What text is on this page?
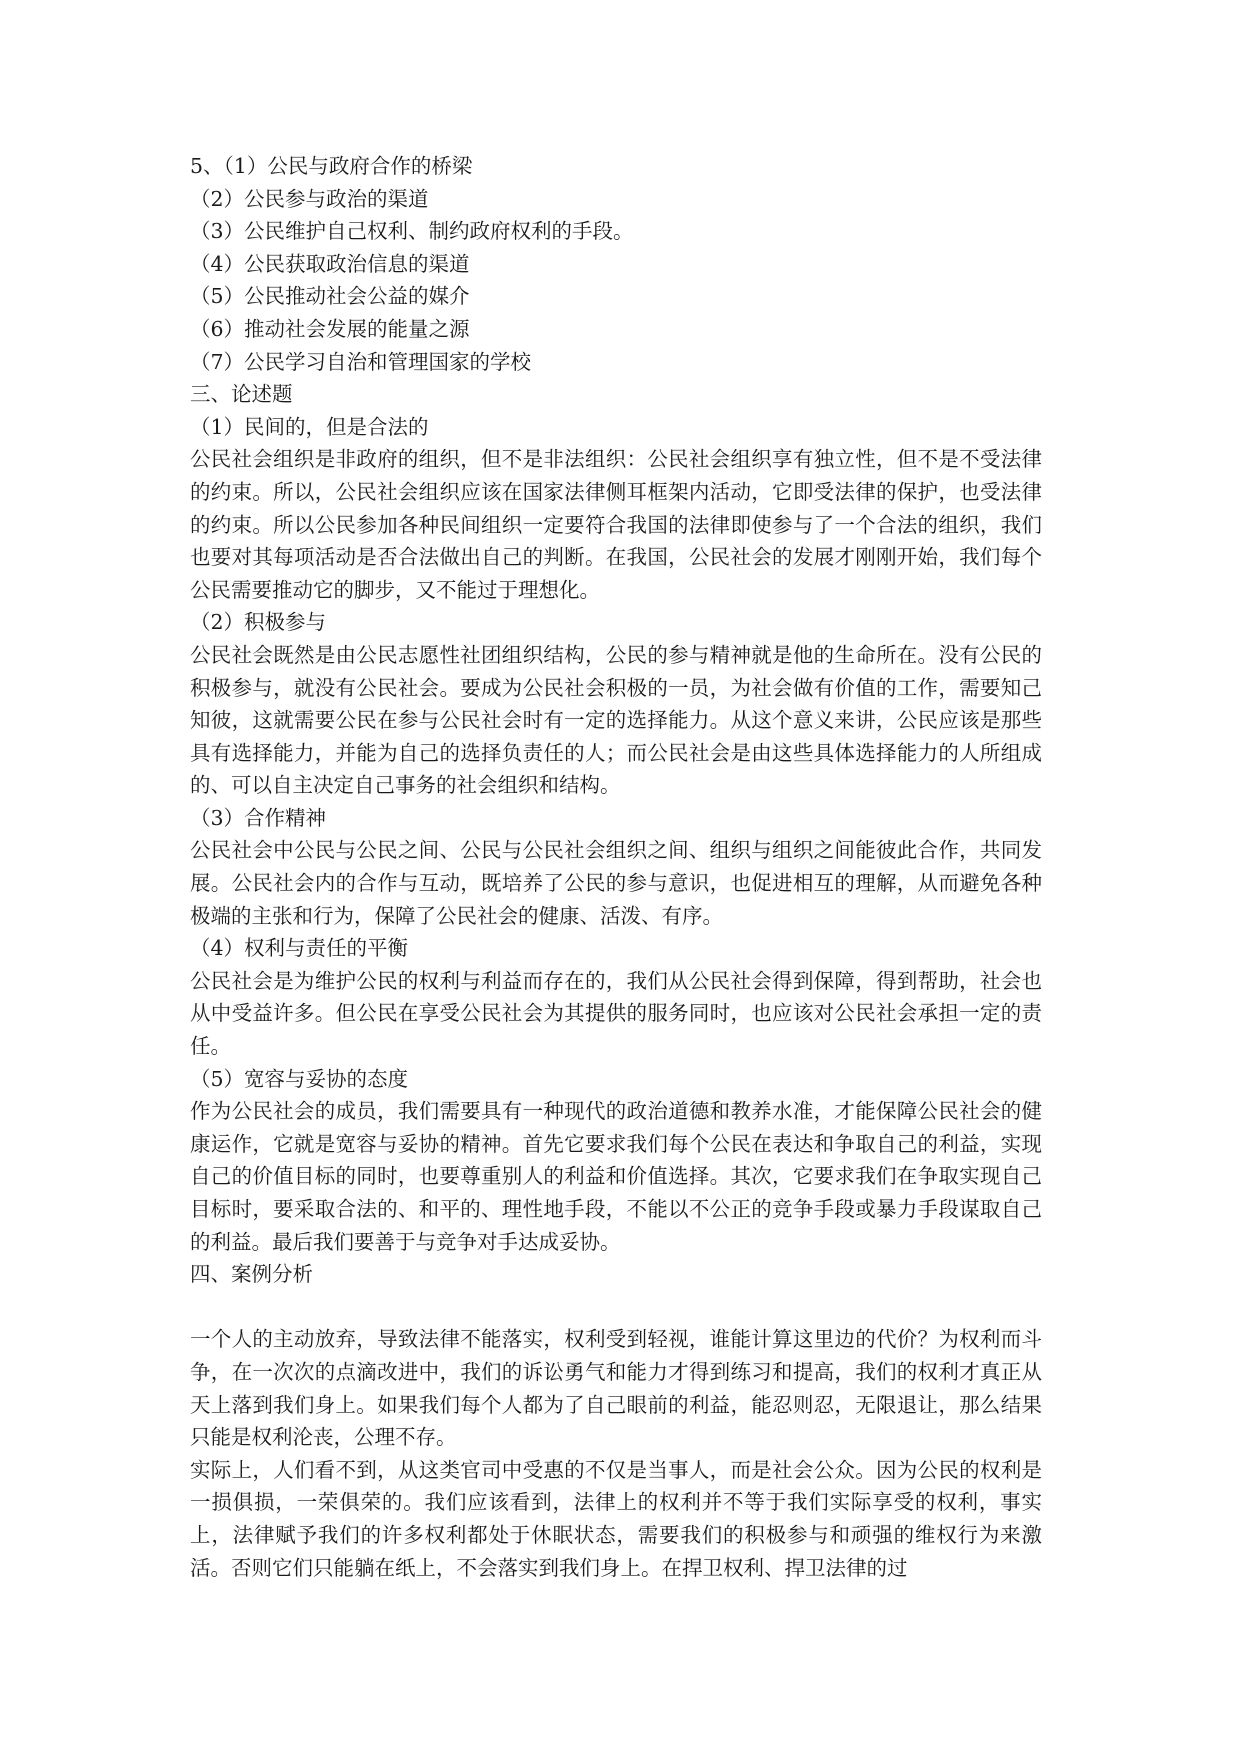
5、（1）公民与政府合作的桥梁
（2）公民参与政治的渠道
（3）公民维护自己权利、制约政府权利的手段。
（4）公民获取政治信息的渠道
（5）公民推动社会公益的媒介
（6）推动社会发展的能量之源
（7）公民学习自治和管理国家的学校
三、论述题
（1）民间的，但是合法的
公民社会组织是非政府的组织，但不是非法组织：公民社会组织享有独立性，但不是不受法律的约束。所以，公民社会组织应该在国家法律侧耳框架内活动，它即受法律的保护，也受法律的约束。所以公民参加各种民间组织一定要符合我国的法律即使参与了一个合法的组织，我们也要对其每项活动是否合法做出自己的判断。在我国，公民社会的发展才刚刚开始，我们每个公民需要推动它的脚步，又不能过于理想化。
（2）积极参与
公民社会既然是由公民志愿性社团组织结构，公民的参与精神就是他的生命所在。没有公民的积极参与，就没有公民社会。要成为公民社会积极的一员，为社会做有价值的工作，需要知己知彼，这就需要公民在参与公民社会时有一定的选择能力。从这个意义来讲，公民应该是那些具有选择能力，并能为自己的选择负责任的人；而公民社会是由这些具体选择能力的人所组成的、可以自主决定自己事务的社会组织和结构。
（3）合作精神
公民社会中公民与公民之间、公民与公民社会组织之间、组织与组织之间能彼此合作，共同发展。公民社会内的合作与互动，既培养了公民的参与意识，也促进相互的理解，从而避免各种极端的主张和行为，保障了公民社会的健康、活泼、有序。
（4）权利与责任的平衡
公民社会是为维护公民的权利与利益而存在的，我们从公民社会得到保障，得到帮助，社会也从中受益许多。但公民在享受公民社会为其提供的服务同时，也应该对公民社会承担一定的责任。
（5）宽容与妥协的态度
作为公民社会的成员，我们需要具有一种现代的政治道德和教养水准，才能保障公民社会的健康运作，它就是宽容与妥协的精神。首先它要求我们每个公民在表达和争取自己的利益，实现自己的价值目标的同时，也要尊重别人的利益和价值选择。其次，它要求我们在争取实现自己目标时，要采取合法的、和平的、理性地手段，不能以不公正的竞争手段或暴力手段谋取自己的利益。最后我们要善于与竞争对手达成妥协。
四、案例分析
一个人的主动放弃，导致法律不能落实，权利受到轻视，谁能计算这里边的代价？为权利而斗争，在一次次的点滴改进中，我们的诉讼勇气和能力才得到练习和提高，我们的权利才真正从天上落到我们身上。如果我们每个人都为了自己眼前的利益，能忍则忍，无限退让，那么结果只能是权利沦丧，公理不存。
实际上，人们看不到，从这类官司中受惠的不仅是当事人，而是社会公众。因为公民的权利是一损俱损，一荣俱荣的。我们应该看到，法律上的权利并不等于我们实际享受的权利，事实上，法律赋予我们的许多权利都处于休眠状态，需要我们的积极参与和顽强的维权行为来激活。否则它们只能躺在纸上，不会落实到我们身上。在捍卫权利、捍卫法律的过
